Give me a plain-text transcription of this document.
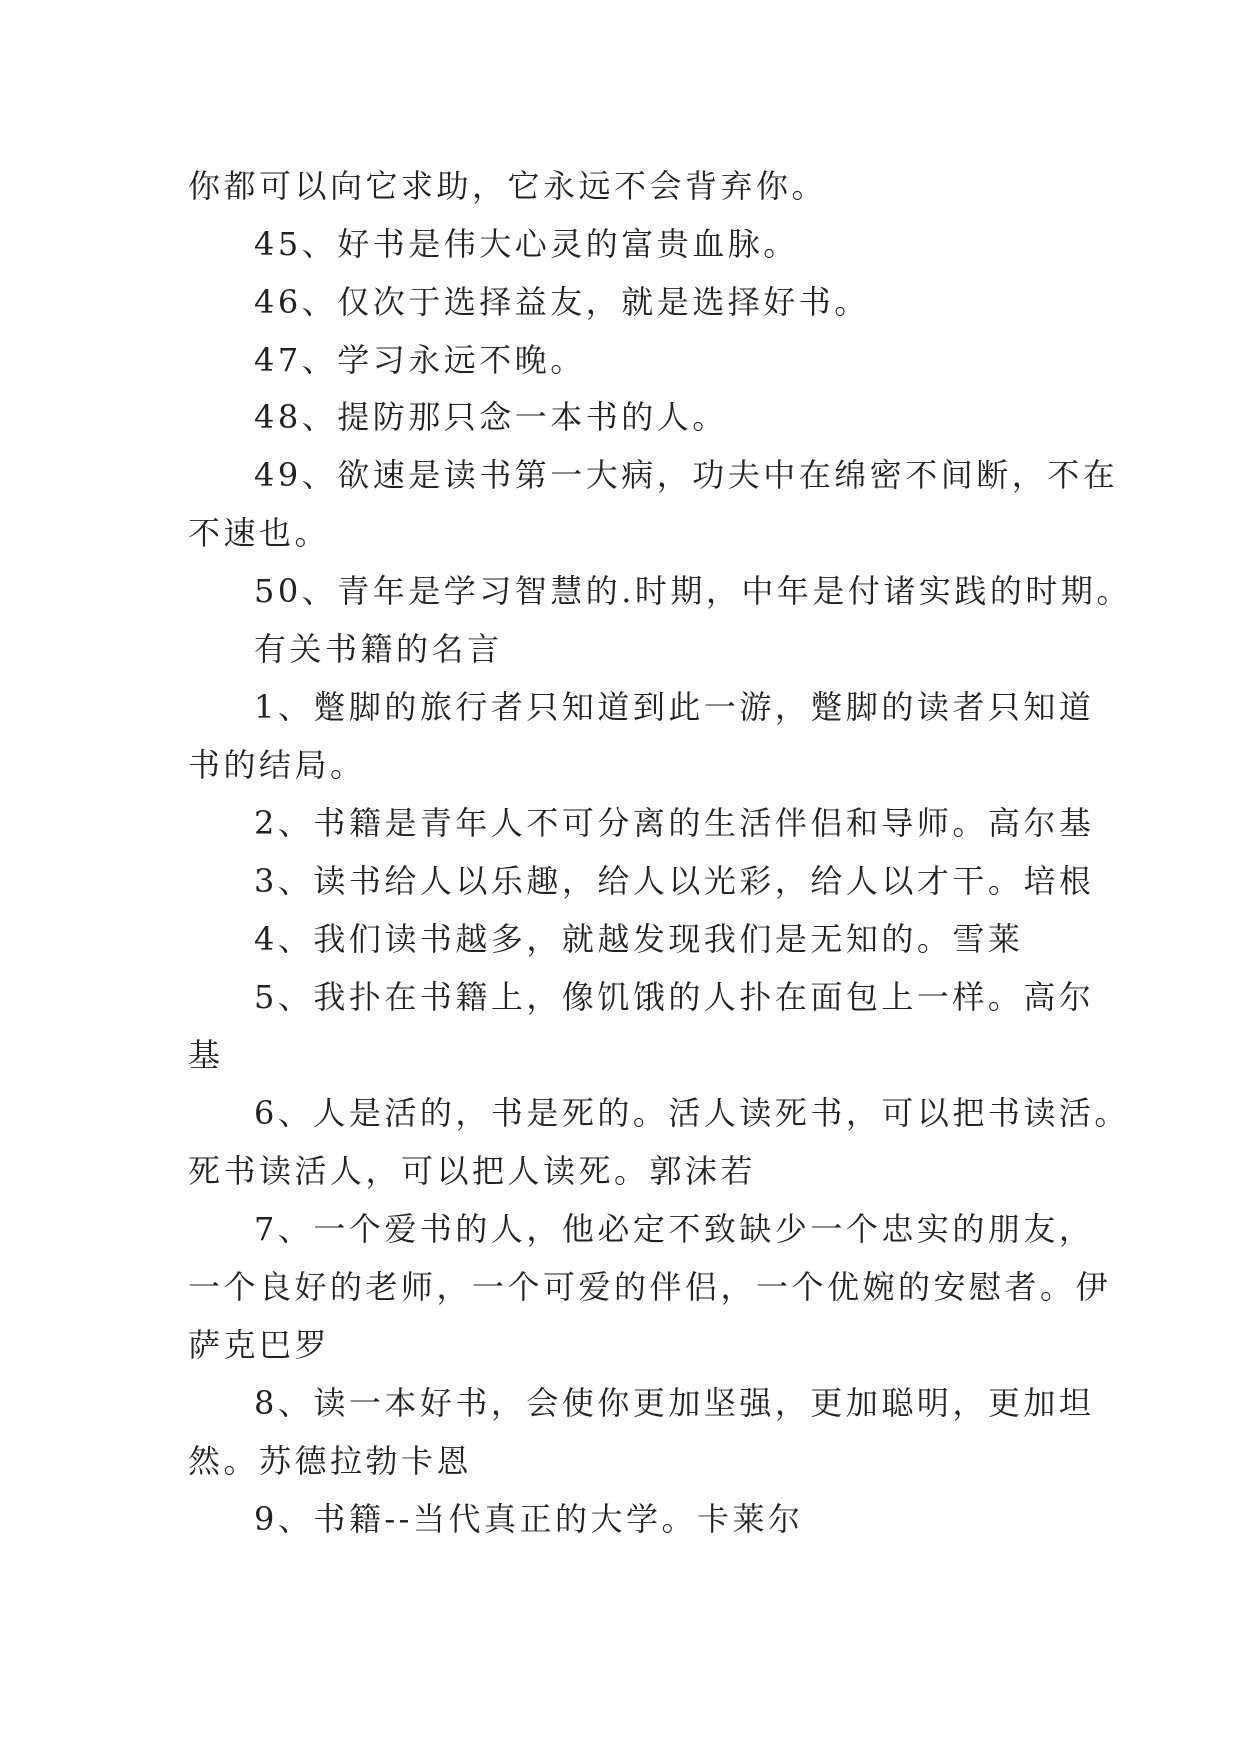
你都可以向它求助，它永远不会背弃你。
45、好书是伟大心灵的富贵血脉。
46、仅次于选择益友，就是选择好书。
47、学习永远不晚。
48、提防那只念一本书的人。
49、欲速是读书第一大病，功夫中在绵密不间断，不在
不速也。
50、青年是学习智慧的.时期，中年是付诸实践的时期。
有关书籍的名言
1、蹩脚的旅行者只知道到此一游，蹩脚的读者只知道
书的结局。
2、书籍是青年人不可分离的生活伴侣和导师。高尔基
3、读书给人以乐趣，给人以光彩，给人以才干。培根
4、我们读书越多，就越发现我们是无知的。雪莱
5、我扑在书籍上，像饥饿的人扑在面包上一样。高尔
基
6、人是活的，书是死的。活人读死书，可以把书读活。
死书读活人，可以把人读死。郭沫若
7、一个爱书的人，他必定不致缺少一个忠实的朋友，
一个良好的老师，一个可爱的伴侣，一个优婉的安慰者。伊
萨克巴罗
8、读一本好书，会使你更加坚强，更加聪明，更加坦
然。苏德拉勃卡恩
9、书籍--当代真正的大学。卡莱尔
